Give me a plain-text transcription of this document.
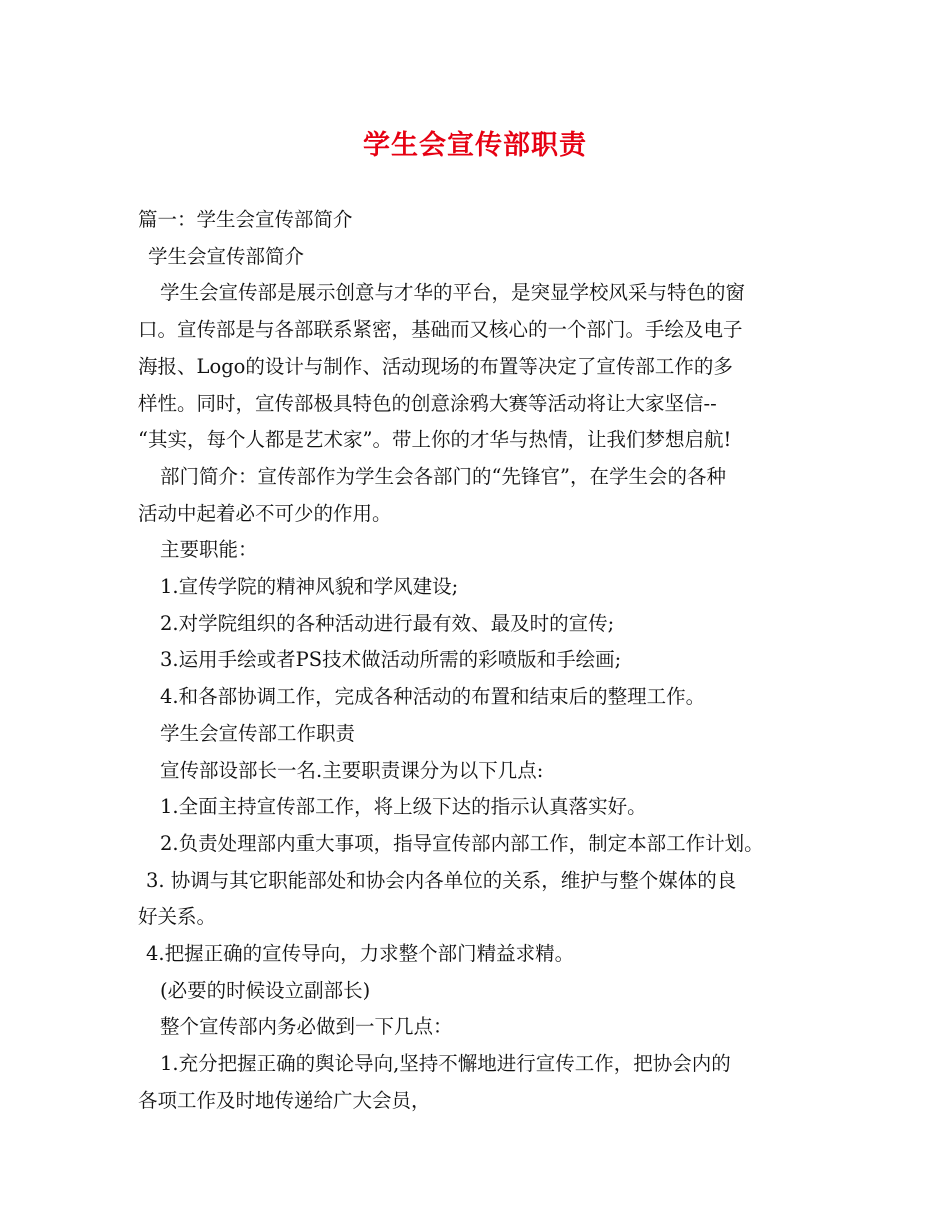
学生会宣传部职责
篇一：学生会宣传部简介
学生会宣传部简介
学生会宣传部是展示创意与才华的平台，是突显学校风采与特色的窗
口。宣传部是与各部联系紧密，基础而又核心的一个部门。手绘及电子
海报、Logo的设计与制作、活动现场的布置等决定了宣传部工作的多
样性。同时，宣传部极具特色的创意涂鸦大赛等活动将让大家坚信--
“其实，每个人都是艺术家”。带上你的才华与热情，让我们梦想启航!
部门简介：宣传部作为学生会各部门的“先锋官”，在学生会的各种
活动中起着必不可少的作用。
主要职能：
1.宣传学院的精神风貌和学风建设;
2.对学院组织的各种活动进行最有效、最及时的宣传;
3.运用手绘或者PS技术做活动所需的彩喷版和手绘画;
4.和各部协调工作，完成各种活动的布置和结束后的整理工作。
学生会宣传部工作职责
宣传部设部长一名.主要职责课分为以下几点:
1.全面主持宣传部工作，将上级下达的指示认真落实好。
2.负责处理部内重大事项，指导宣传部内部工作，制定本部工作计划。
3. 协调与其它职能部处和协会内各单位的关系，维护与整个媒体的良
好关系。
4.把握正确的宣传导向，力求整个部门精益求精。
(必要的时候设立副部长)
整个宣传部内务必做到一下几点：
1.充分把握正确的舆论导向,坚持不懈地进行宣传工作，把协会内的
各项工作及时地传递给广大会员，
